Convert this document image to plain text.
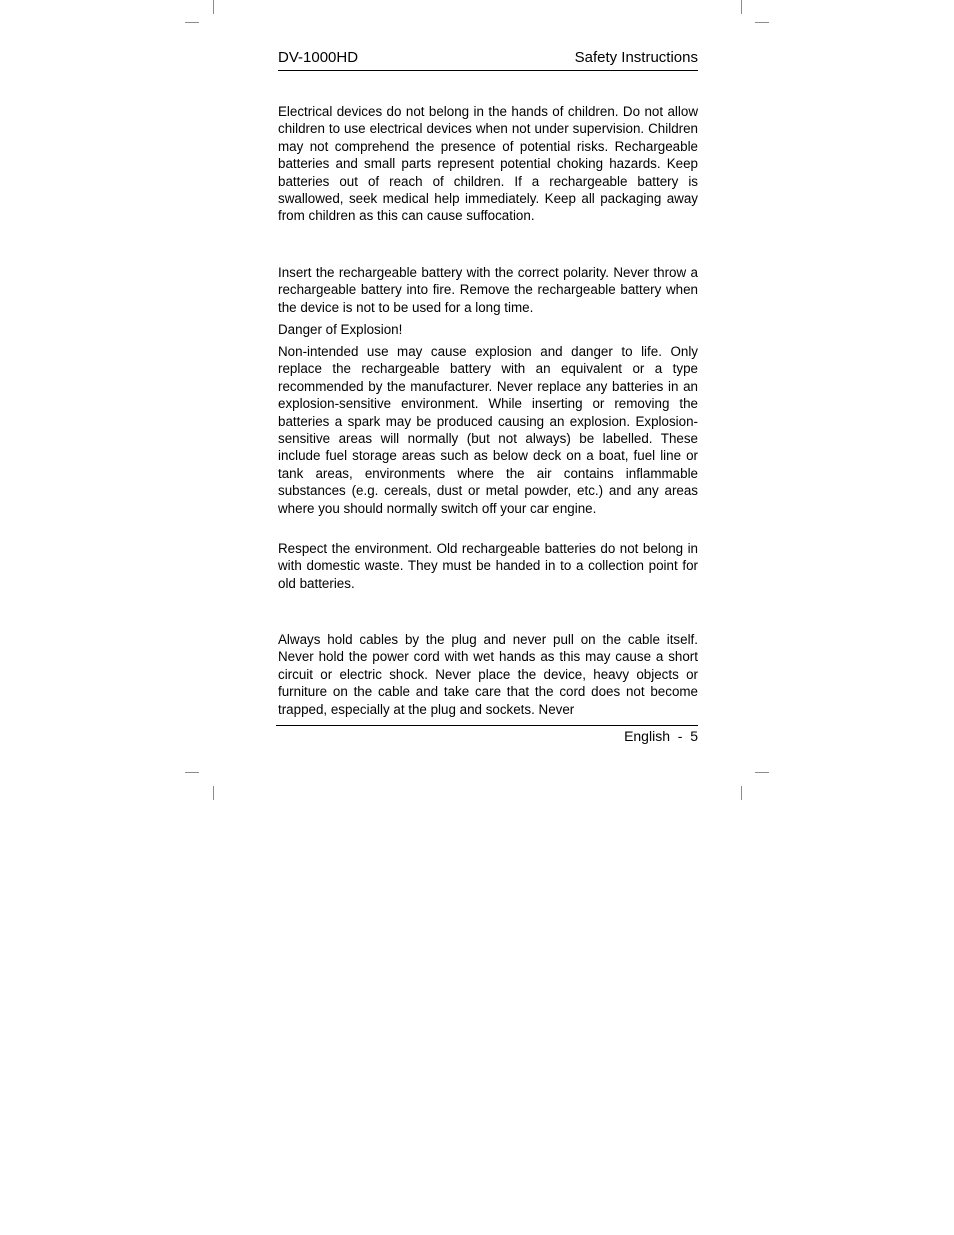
DV-1000HD	Safety Instructions

Electrical devices do not belong in the hands of children. Do not allow children to use electrical devices when not under supervision. Children may not comprehend the presence of potential risks. Rechargeable batteries and small parts represent potential choking hazards. Keep batteries out of reach of children. If a rechargeable battery is swallowed, seek medical help immediately. Keep all packaging away from children as this can cause suffocation.

Insert the rechargeable battery with the correct polarity. Never throw a rechargeable battery into fire. Remove the rechargeable battery when the device is not to be used for a long time.

Danger of Explosion!

Non-intended use may cause explosion and danger to life. Only replace the rechargeable battery with an equivalent or a type recommended by the manufacturer. Never replace any batteries in an explosion-sensitive environment. While inserting or removing the batteries a spark may be produced causing an explosion. Explosion-sensitive areas will normally (but not always) be labelled. These include fuel storage areas such as below deck on a boat, fuel line or tank areas, environments where the air contains inflammable substances (e.g. cereals, dust or metal powder, etc.) and any areas where you should normally switch off your car engine.

Respect the environment. Old rechargeable batteries do not belong in with domestic waste. They must be handed in to a collection point for old batteries.

Always hold cables by the plug and never pull on the cable itself. Never hold the power cord with wet hands as this may cause a short circuit or electric shock. Never place the device, heavy objects or furniture on the cable and take care that the cord does not become trapped, especially at the plug and sockets. Never

English  -  5
